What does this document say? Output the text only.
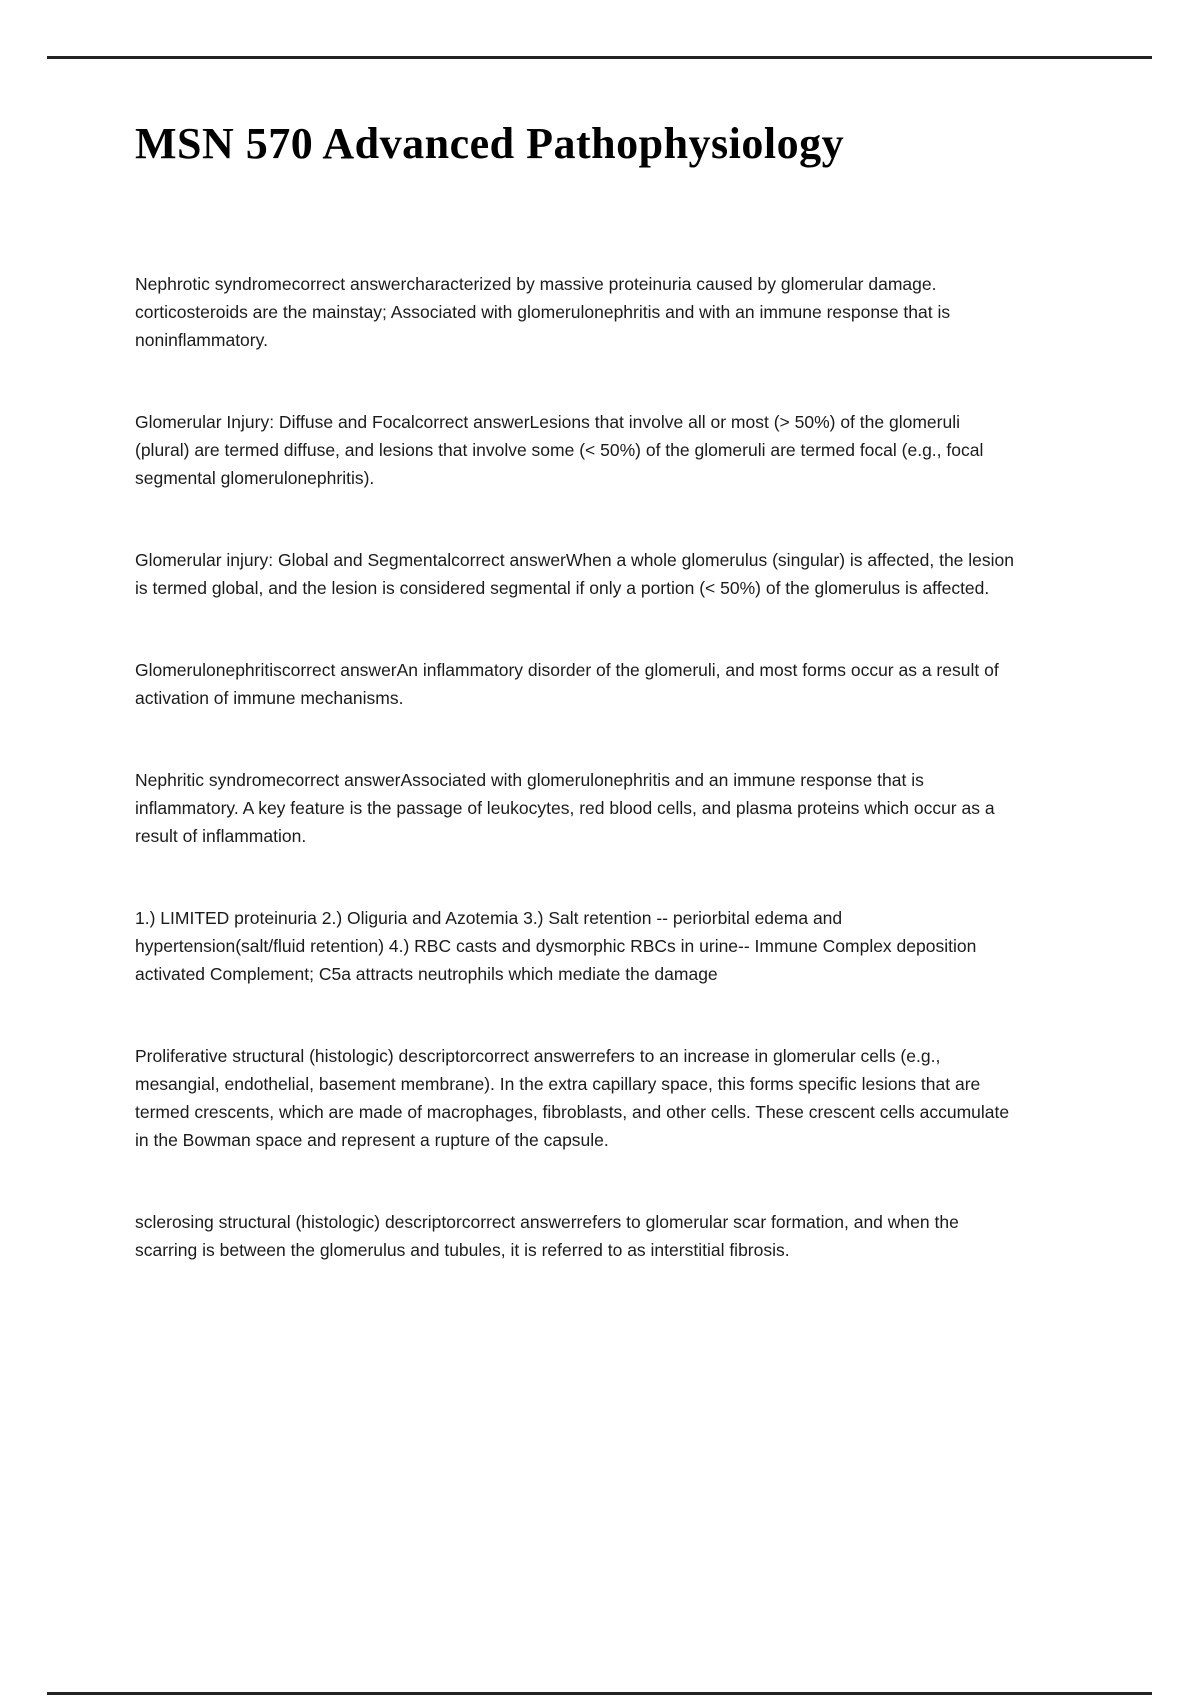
MSN 570 Advanced Pathophysiology

Nephrotic syndromecorrect answercharacterized by massive proteinuria caused by glomerular damage. corticosteroids are the mainstay; Associated with glomerulonephritis and with an immune response that is noninflammatory.

Glomerular Injury: Diffuse and Focalcorrect answerLesions that involve all or most (> 50%) of the glomeruli (plural) are termed diffuse, and lesions that involve some (< 50%) of the glomeruli are termed focal (e.g., focal segmental glomerulonephritis).

Glomerular injury: Global and Segmentalcorrect answerWhen a whole glomerulus (singular) is affected, the lesion is termed global, and the lesion is considered segmental if only a portion (< 50%) of the glomerulus is affected.

Glomerulonephritiscorrect answerAn inflammatory disorder of the glomeruli, and most forms occur as a result of activation of immune mechanisms.

Nephritic syndromecorrect answerAssociated with glomerulonephritis and an immune response that is inflammatory. A key feature is the passage of leukocytes, red blood cells, and plasma proteins which occur as a result of inflammation.

1.) LIMITED proteinuria 2.) Oliguria and Azotemia 3.) Salt retention -- periorbital edema and hypertension(salt/fluid retention) 4.) RBC casts and dysmorphic RBCs in urine-- Immune Complex deposition activated Complement; C5a attracts neutrophils which mediate the damage

Proliferative structural (histologic) descriptorcorrect answerrefers to an increase in glomerular cells (e.g., mesangial, endothelial, basement membrane). In the extra capillary space, this forms specific lesions that are termed crescents, which are made of macrophages, fibroblasts, and other cells. These crescent cells accumulate in the Bowman space and represent a rupture of the capsule.

sclerosing structural (histologic) descriptorcorrect answerrefers to glomerular scar formation, and when the scarring is between the glomerulus and tubules, it is referred to as interstitial fibrosis.
